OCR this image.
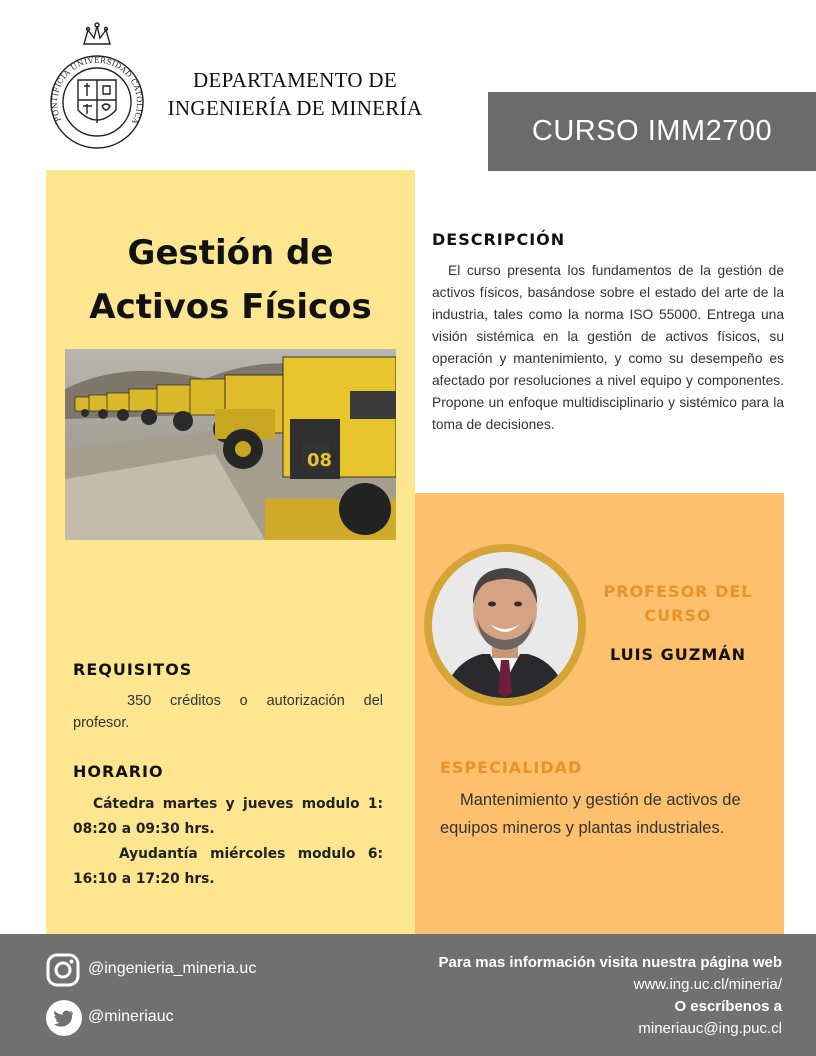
PONTIFICIA UNIVERSIDAD CATÓLICA
DEPARTAMENTO DE
INGENIERÍA DE MINERÍA
CURSO IMM2700
Gestión de
Activos Físicos
08
DESCRIPCIÓN
El curso presenta los fundamentos de la gestión de activos físicos, basándose sobre el estado del arte de la industria, tales como la norma ISO 55000. Entrega una visión sistémica en la gestión de activos físicos, su operación y mantenimiento, y como su desempeño es afectado por resoluciones a nivel equipo y componentes. Propone un enfoque multidisciplinario y sistémico para la toma de decisiones.
REQUISITOS
350 créditos o autorización del profesor.
HORARIO
Cátedra martes y jueves modulo 1: 08:20 a 09:30 hrs.
Ayudantía miércoles modulo 6: 16:10 a 17:20 hrs.
PROFESOR DEL
CURSO
LUIS GUZMÁN
ESPECIALIDAD
Mantenimiento y gestión de activos de equipos mineros y plantas industriales.
@ingenieria_mineria.uc
@mineriauc
Para mas información visita nuestra página web
www.ing.uc.cl/mineria/
O escríbenos a
mineriauc@ing.puc.cl
